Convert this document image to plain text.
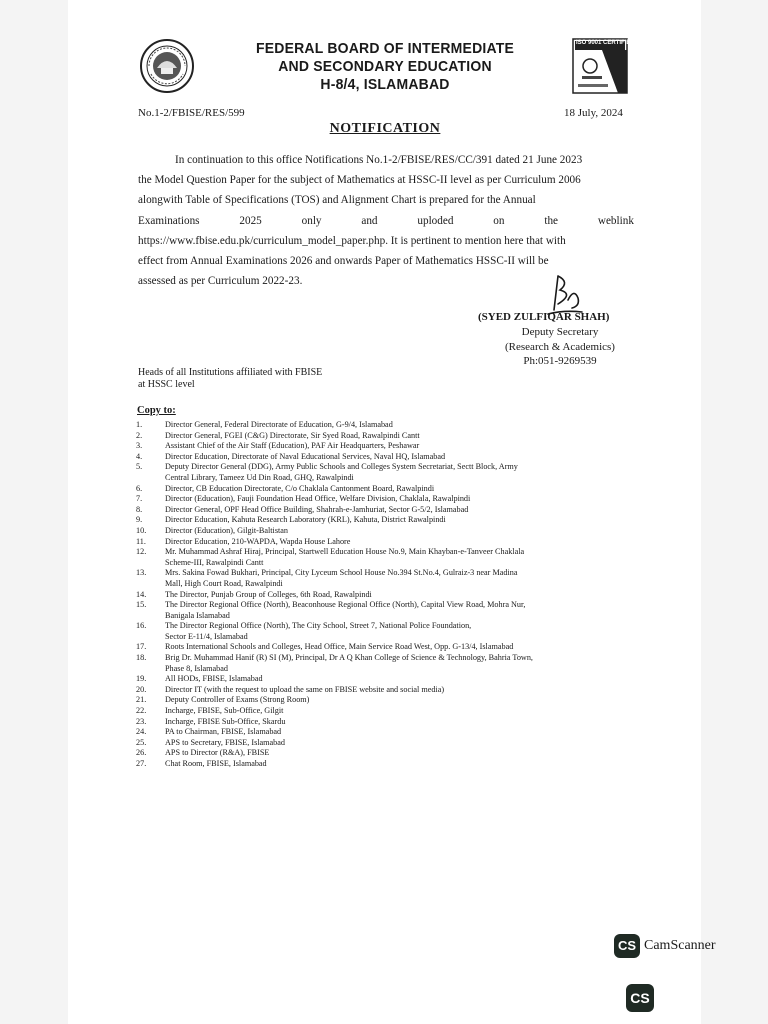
ISO 9001 CERTIFIED
FEDERAL BOARD OF INTERMEDIATE
AND SECONDARY EDUCATION
H-8/4, ISLAMABAD
No.1-2/FBISE/RES/599	18 July, 2024
NOTIFICATION
In continuation to this office Notifications No.1-2/FBISE/RES/CC/391 dated 21 June 2023
the Model Question Paper for the subject of Mathematics at HSSC-II level as per Curriculum 2006
alongwith Table of Specifications (TOS) and Alignment Chart is prepared for the Annual
Examinations	2025	only	and	uploded	on	the	weblink
https://www.fbise.edu.pk/curriculum_model_paper.php. It is pertinent to mention here that with
effect from Annual Examinations 2026 and onwards Paper of Mathematics HSSC-II will be
assessed as per Curriculum 2022-23.
(SYED ZULFIQAR SHAH)
Deputy Secretary
(Research & Academics)
Ph:051-9269539
Heads of all Institutions affiliated with FBISE
at HSSC level
Copy to:
1.	Director General, Federal Directorate of Education, G-9/4, Islamabad
2.	Director General, FGEI (C&G) Directorate, Sir Syed Road, Rawalpindi Cantt
3.	Assistant Chief of the Air Staff (Education), PAF Air Headquarters, Peshawar
4.	Director Education, Directorate of Naval Educational Services, Naval HQ, Islamabad
5.	Deputy Director General (DDG), Army Public Schools and Colleges System Secretariat, Sectt Block, Army
Central Library, Tameez Ud Din Road, GHQ, Rawalpindi
6.	Director, CB Education Directorate, C/o Chaklala Cantonment Board, Rawalpindi
7.	Director (Education), Fauji Foundation Head Office, Welfare Division, Chaklala, Rawalpindi
8.	Director General, OPF Head Office Building, Shahrah-e-Jamhuriat, Sector G-5/2, Islamabad
9.	Director Education, Kahuta Research Laboratory (KRL), Kahuta, District Rawalpindi
10. Director (Education), Gilgit-Baltistan
11. Director Education, 210-WAPDA, Wapda House Lahore
12. Mr. Muhammad Ashraf Hiraj, Principal, Startwell Education House No.9, Main Khayban-e-Tanveer Chaklala
Scheme-III, Rawalpindi Cantt
13. Mrs. Sakina Fowad Bukhari, Principal, City Lyceum School House No.394 St.No.4, Gulraiz-3 near Madina
Mall, High Court Road, Rawalpindi
14. The Director, Punjab Group of Colleges, 6th Road, Rawalpindi
15. The Director Regional Office (North), Beaconhouse Regional Office (North), Capital View Road, Mohra Nur,
Banigala Islamabad
16. The Director Regional Office (North), The City School, Street 7, National Police Foundation,
Sector E-11/4, Islamabad
17. Roots International Schools and Colleges, Head Office, Main Service Road West, Opp. G-13/4, Islamabad
18. Brig Dr. Muhammad Hanif (R) SI (M), Principal, Dr A Q Khan College of Science & Technology, Bahria Town,
Phase 8, Islamabad
19. All HODs, FBISE, Islamabad
20. Director IT (with the request to upload the same on FBISE website and social media)
21. Deputy Controller of Exams (Strong Room)
22. Incharge, FBISE, Sub-Office, Gilgit
23. Incharge, FBISE Sub-Office, Skardu
24. PA to Chairman, FBISE, Islamabad
25. APS to Secretary, FBISE, Islamabad
26. APS to Director (R&A), FBISE
27. Chat Room, FBISE, Islamabad
CS CamScanner
CS
